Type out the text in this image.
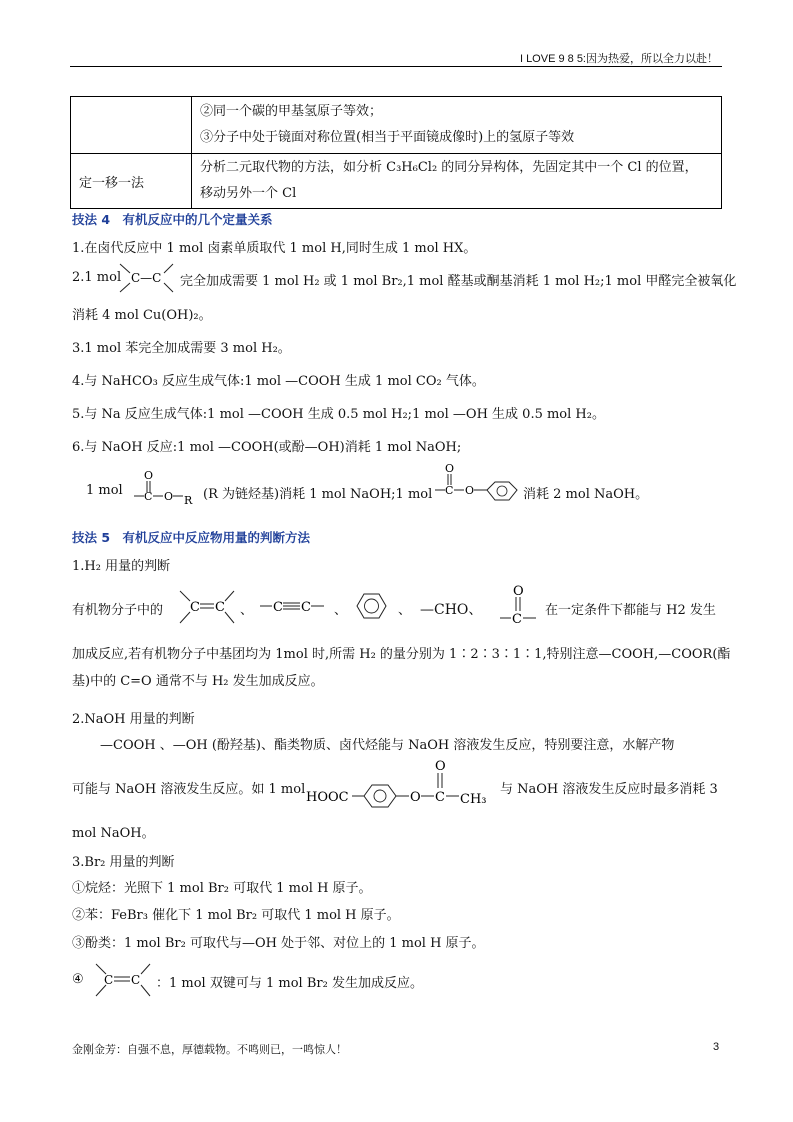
I LOVE 9 8 5:因为热爱，所以全力以赴！

	②同一个碳的甲基氢原子等效；
③分子中处于镜面对称位置(相当于平面镜成像时)上的氢原子等效

定一移一法	分析二元取代物的方法，如分析 C₃H₆Cl₂ 的同分异构体，先固定其中一个 Cl 的位置，
移动另外一个 Cl
技法 4　有机反应中的几个定量关系
1.在卤代反应中 1 mol 卤素单质取代 1 mol H,同时生成 1 mol HX。
2.1 mol C—C 完全加成需要 1 mol H₂ 或 1 mol Br₂,1 mol 醛基或酮基消耗 1 mol H₂;1 mol 甲醛完全被氧化
消耗 4 mol Cu(OH)₂。
3.1 mol 苯完全加成需要 3 mol H₂。
4.与 NaHCO₃ 反应生成气体:1 mol —COOH 生成 1 mol CO₂ 气体。
5.与 Na 反应生成气体:1 mol —COOH 生成 0.5 mol H₂;1 mol —OH 生成 0.5 mol H₂。
6.与 NaOH 反应:1 mol —COOH(或酚—OH)消耗 1 mol NaOH;
1 mol
O
C O R (R 为链烃基)消耗 1 mol NaOH;1 mol
O
C O	消耗 2 mol NaOH。
技法 5　有机反应中反应物用量的判断方法
1.H₂ 用量的判断
有机物分子中的 C C 、 C C 、	、 —CHO、
O
C
在一定条件下都能与 H2 发生
加成反应,若有机物分子中基团均为 1mol 时,所需 H₂ 的量分别为 1∶2∶3∶1∶1,特别注意—COOH,—COOR(酯
基)中的 C=O 通常不与 H₂ 发生加成反应。
2.NaOH 用量的判断
—COOH 、—OH (酚羟基)、酯类物质、卤代烃能与 NaOH 溶液发生反应，特别要注意，水解产物
可能与 NaOH 溶液发生反应。如 1 mol
HOOC	O
O
C CH₃
与 NaOH 溶液发生反应时最多消耗 3
mol NaOH。
3.Br₂ 用量的判断
①烷烃：光照下 1 mol Br₂ 可取代 1 mol H 原子。
②苯：FeBr₃ 催化下 1 mol Br₂ 可取代 1 mol H 原子。
③酚类：1 mol Br₂ 可取代与—OH 处于邻、对位上的 1 mol H 原子。
④ C C ：1 mol 双键可与 1 mol Br₂ 发生加成反应。
金刚金芳：自强不息，厚德载物。不鸣则已，一鸣惊人！	3
